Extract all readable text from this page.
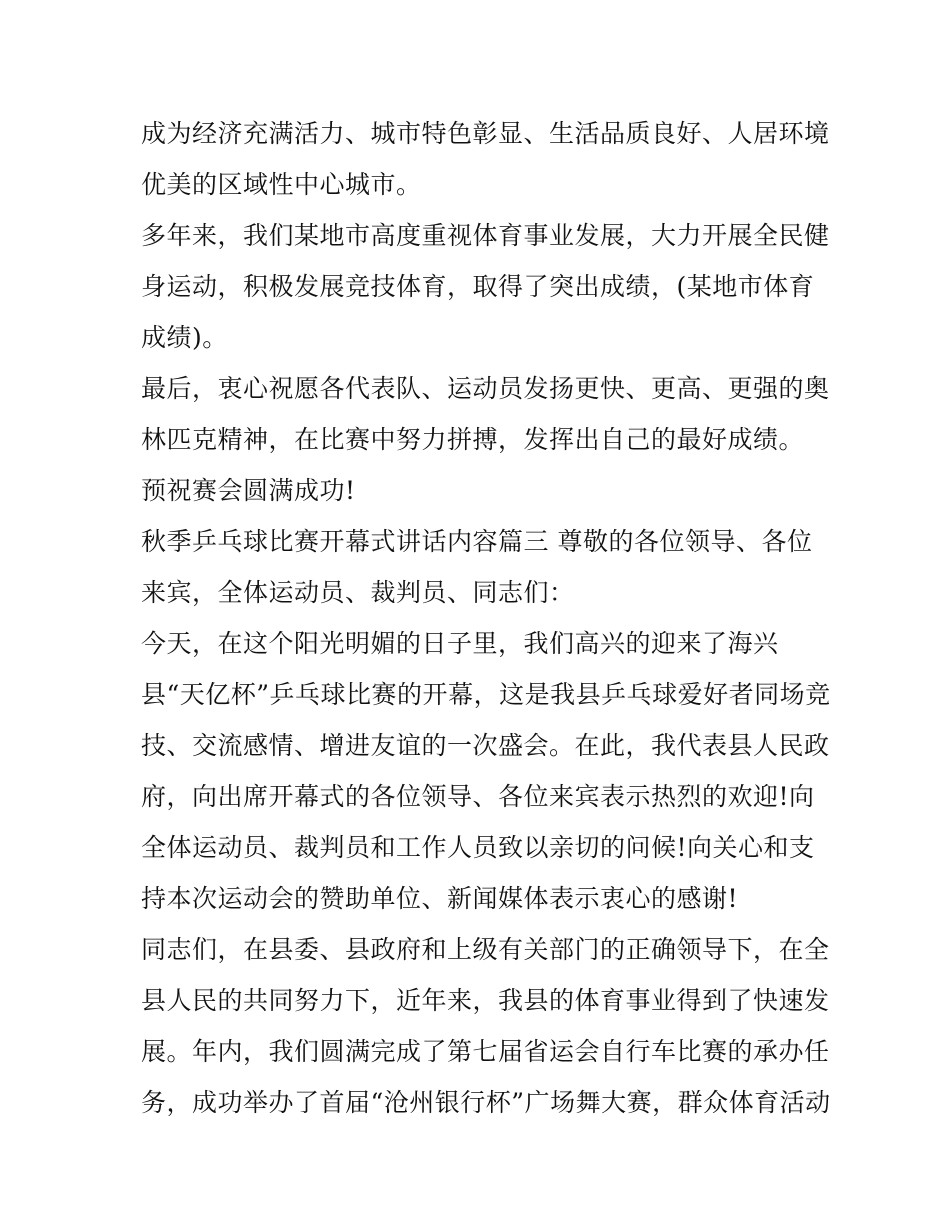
成为经济充满活力、城市特色彰显、生活品质良好、人居环境
优美的区域性中心城市。
多年来，我们某地市高度重视体育事业发展，大力开展全民健
身运动，积极发展竞技体育，取得了突出成绩，(某地市体育
成绩)。
最后，衷心祝愿各代表队、运动员发扬更快、更高、更强的奥
林匹克精神，在比赛中努力拼搏，发挥出自己的最好成绩。
预祝赛会圆满成功!
秋季乒乓球比赛开幕式讲话内容篇三 尊敬的各位领导、各位
来宾，全体运动员、裁判员、同志们：
今天，在这个阳光明媚的日子里，我们高兴的迎来了海兴
县“天亿杯”乒乓球比赛的开幕，这是我县乒乓球爱好者同场竞
技、交流感情、增进友谊的一次盛会。在此，我代表县人民政
府，向出席开幕式的各位领导、各位来宾表示热烈的欢迎!向
全体运动员、裁判员和工作人员致以亲切的问候!向关心和支
持本次运动会的赞助单位、新闻媒体表示衷心的感谢!
同志们，在县委、县政府和上级有关部门的正确领导下，在全
县人民的共同努力下，近年来，我县的体育事业得到了快速发
展。年内，我们圆满完成了第七届省运会自行车比赛的承办任
务，成功举办了首届“沧州银行杯”广场舞大赛，群众体育活动
